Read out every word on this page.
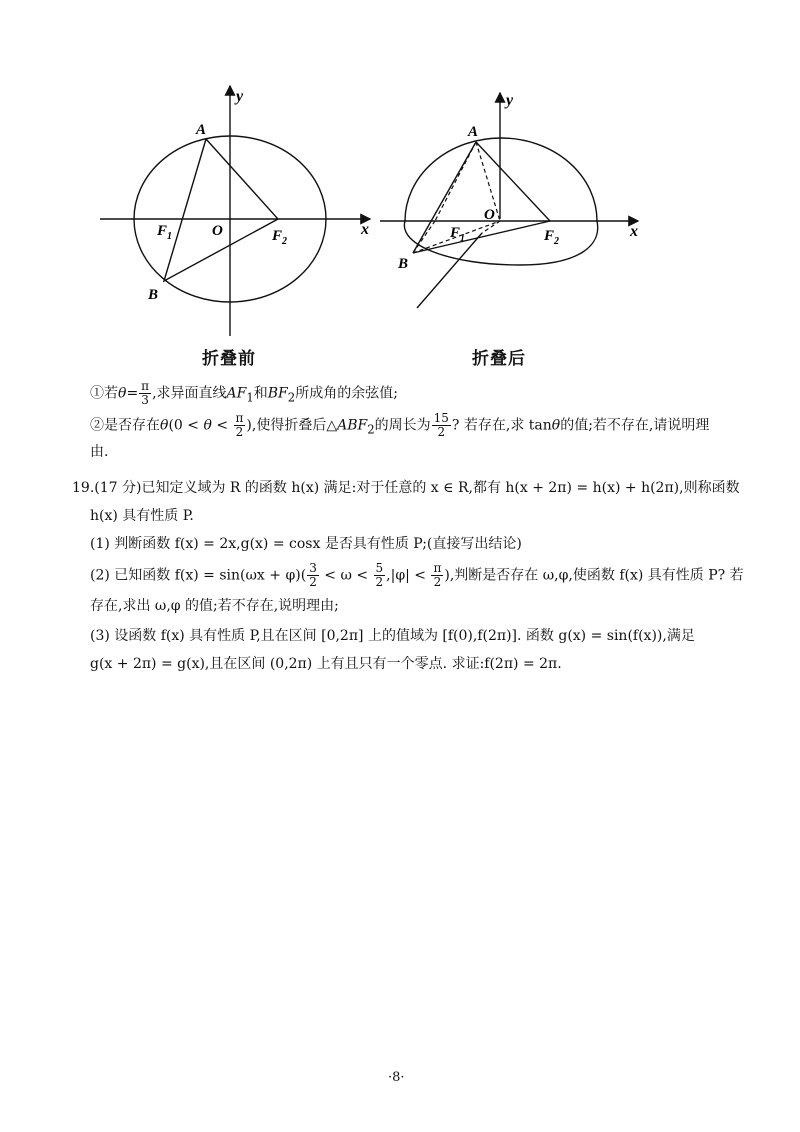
y
x
A
B
O
$F_1$	$F_2$
y
x
A
B
O
$F_1$	$F_2$
折叠前	折叠后
①若$\theta= \frac{\pi}{3}$ ,求异面直线$AF_1$和$BF_2$所成角的余弦值;
②是否存在$\theta(0 < \theta < \frac{\pi}{2}$ ),使得折叠后$\triangle ABF_2$的周长为 $\frac{15}{2}$ ? 若存在,求 tanθ的值;若不存在,请说明理
由.
19.(17 分)已知定义域为 R 的函数 h(x) 满足:对于任意的 x ∈ R,都有 h(x + 2π) = h(x) + h(2π),则称函数
h(x) 具有性质 P.
(1) 判断函数 f(x) = 2x,g(x) = cosx 是否具有性质 P;(直接写出结论)
(2) 已知函数 $f(x) = \sin(\omega x + \varphi)( \frac{3}{2} < \omega < \frac{5}{2} ,|\varphi| < \frac{\pi}{2}$ ),判断是否存在 ω,φ,使函数 f(x) 具有性质 P? 若
存在,求出 ω,φ 的值;若不存在,说明理由;
(3) 设函数 f(x) 具有性质 P,且在区间 [0,2π] 上的值域为 [f(0),f(2π)]. 函数 g(x) = sin(f(x)),满足
g(x + 2π) = g(x),且在区间 (0,2π) 上有且只有一个零点. 求证:f(2π) = 2π.
·8·
